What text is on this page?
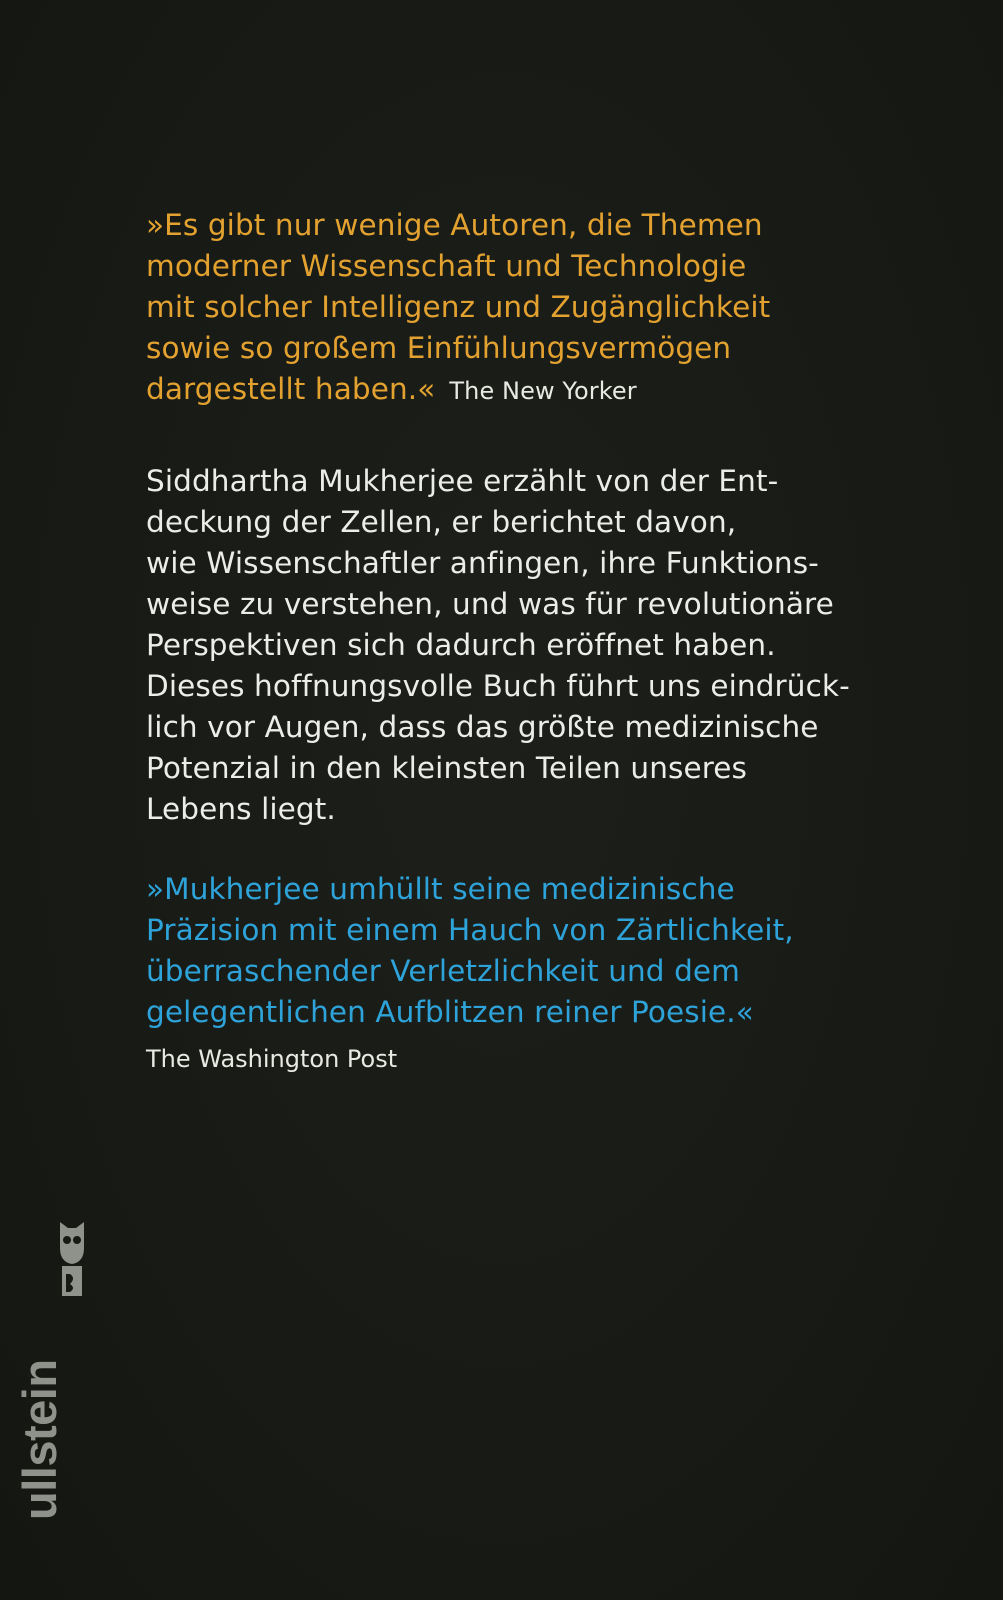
»Es gibt nur wenige Autoren, die Themen
moderner Wissenschaft und Technologie
mit solcher Intelligenz und Zugänglichkeit
sowie so großem Einfühlungsvermögen
dargestellt haben.« The New Yorker
Siddhartha Mukherjee erzählt von der Ent-
deckung der Zellen, er berichtet davon,
wie Wissenschaftler anfingen, ihre Funktions-
weise zu verstehen, und was für revolutionäre
Perspektiven sich dadurch eröffnet haben.
Dieses hoffnungsvolle Buch führt uns eindrück-
lich vor Augen, dass das größte medizinische
Potenzial in den kleinsten Teilen unseres
Lebens liegt.
»Mukherjee umhüllt seine medizinische
Präzision mit einem Hauch von Zärtlichkeit,
überraschender Verletzlichkeit und dem
gelegentlichen Aufblitzen reiner Poesie.«
The Washington Post
ullstein
